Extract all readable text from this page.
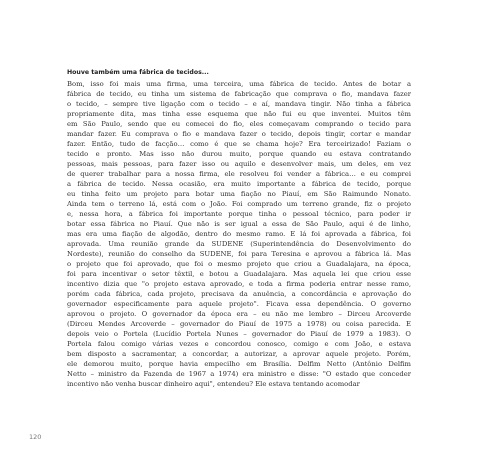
Houve também uma fábrica de tecidos...
Bom, isso foi mais uma firma, uma terceira, uma fábrica de tecido. Antes de botar a
fábrica de tecido, eu tinha um sistema de fabricação que comprava o fio, mandava fazer
o tecido, – sempre tive ligação com o tecido – e aí, mandava tingir. Não tinha a fábrica
propriamente dita, mas tinha esse esquema que não fui eu que inventei. Muitos têm
em São Paulo, sendo que eu comecei do fio, eles começavam comprando o tecido para
mandar fazer. Eu comprava o fio e mandava fazer o tecido, depois tingir, cortar e mandar
fazer. Então, tudo de facção… como é que se chama hoje? Era terceirizado! Faziam o
tecido e pronto. Mas isso não durou muito, porque quando eu estava contratando
pessoas, mais pessoas, para fazer isso ou aquilo e desenvolver mais, um deles, em vez
de querer trabalhar para a nossa firma, ele resolveu foi vender a fábrica… e eu comprei
a fábrica de tecido. Nessa ocasião, era muito importante a fábrica de tecido, porque
eu tinha feito um projeto para botar uma fiação no Piauí, em São Raimundo Nonato.
Ainda tem o terreno lá, está com o João. Foi comprado um terreno grande, fiz o projeto
e, nessa hora, a fábrica foi importante porque tinha o pessoal técnico, para poder ir
botar essa fábrica no Piauí. Que não is ser igual a essa de São Paulo, aqui é de linho,
mas era uma fiação de algodão, dentro do mesmo ramo. E lá foi aprovada a fábrica, foi
aprovada. Uma reunião grande da SUDENE (Superintendência do Desenvolvimento do
Nordeste), reunião do conselho da SUDENE, foi para Teresina e aprovou a fábrica lá. Mas
o projeto que foi aprovado, que foi o mesmo projeto que criou a Guadalajara, na época,
foi para incentivar o setor têxtil, e botou a Guadalajara. Mas aquela lei que criou esse
incentivo dizia que "o projeto estava aprovado, e toda a firma poderia entrar nesse ramo,
porém cada fábrica, cada projeto, precisava da anuência, a concordância e aprovação do
governador especificamente para aquele projeto". Ficava essa dependência. O governo
aprovou o projeto. O governador da época era – eu não me lembro – Dirceu Arcoverde
(Dirceu Mendes Arcoverde – governador do Piauí de 1975 a 1978) ou coisa parecida. E
depois veio o Portela (Lucídio Portela Nunes – governador do Piauí de 1979 a 1983). O
Portela falou comigo várias vezes e concordou conosco, comigo e com João, e estava
bem disposto a sacramentar, a concordar, a autorizar, a aprovar aquele projeto. Porém,
ele demorou muito, porque havia empecilho em Brasília. Delfim Netto (Antônio Delfim
Netto – ministro da Fazenda de 1967 a 1974) era ministro e disse: "O estado que conceder
incentivo não venha buscar dinheiro aqui", entendeu? Ele estava tentando acomodar
120
